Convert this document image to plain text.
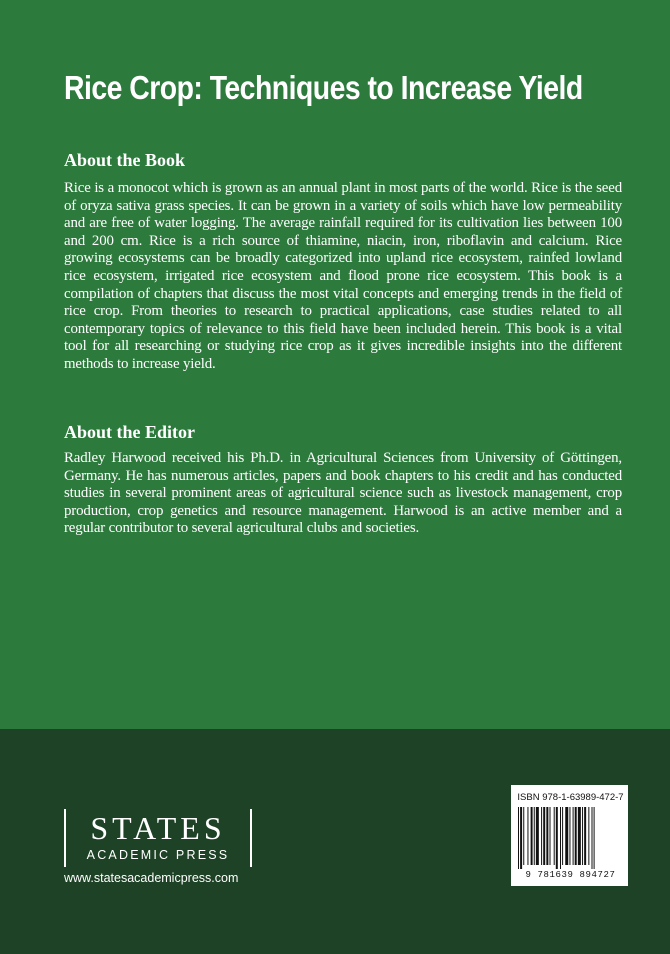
Rice Crop: Techniques to Increase Yield
About the Book

Rice is a monocot which is grown as an annual plant in most parts of the world. Rice is the seed of oryza sativa grass species. It can be grown in a variety of soils which have low permeability and are free of water logging. The average rainfall required for its cultivation lies between 100 and 200 cm. Rice is a rich source of thiamine, niacin, iron, riboflavin and calcium. Rice growing ecosystems can be broadly categorized into upland rice ecosystem, rainfed lowland rice ecosystem, irrigated rice ecosystem and flood prone rice ecosystem. This book is a compilation of chapters that discuss the most vital concepts and emerging trends in the field of rice crop. From theories to research to practical applications, case studies related to all contemporary topics of relevance to this field have been included herein. This book is a vital tool for all researching or studying rice crop as it gives incredible insights into the different methods to increase yield.

About the Editor

Radley Harwood received his Ph.D. in Agricultural Sciences from University of Göttingen, Germany. He has numerous articles, papers and book chapters to his credit and has conducted studies in several prominent areas of agricultural science such as livestock management, crop production, crop genetics and resource management. Harwood is an active member and a regular contributor to several agricultural clubs and societies.

STATES
ACADEMIC PRESS
www.statesacademicpress.com
ISBN 978-1-63989-472-7
9 781639 894727
